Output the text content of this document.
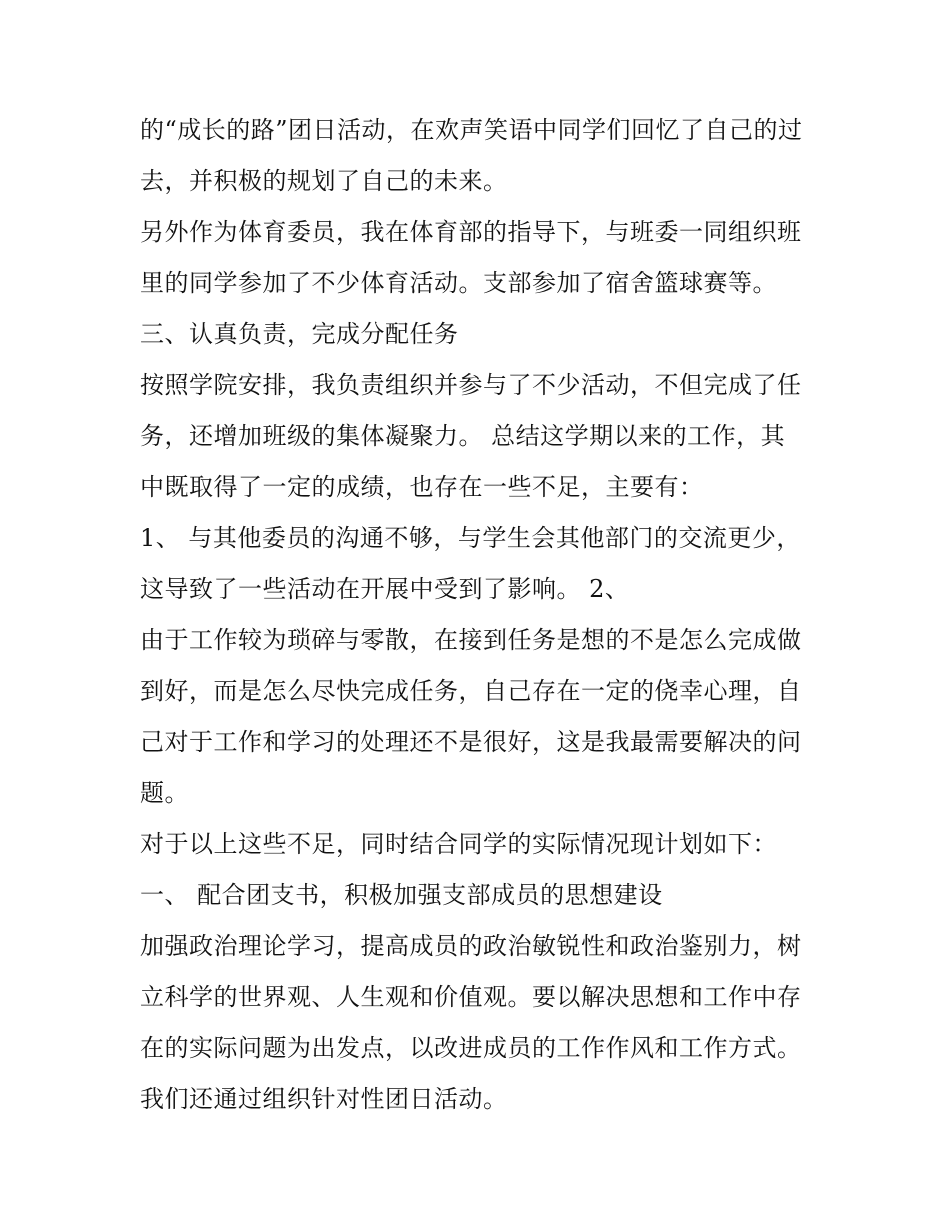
的“成长的路”团日活动，在欢声笑语中同学们回忆了自己的过
去，并积极的规划了自己的未来。
另外作为体育委员，我在体育部的指导下，与班委一同组织班
里的同学参加了不少体育活动。支部参加了宿舍篮球赛等。
三、认真负责，完成分配任务
按照学院安排，我负责组织并参与了不少活动，不但完成了任
务，还增加班级的集体凝聚力。 总结这学期以来的工作，其
中既取得了一定的成绩，也存在一些不足，主要有：
1、 与其他委员的沟通不够，与学生会其他部门的交流更少，
这导致了一些活动在开展中受到了影响。 2、
由于工作较为琐碎与零散，在接到任务是想的不是怎么完成做
到好，而是怎么尽快完成任务，自己存在一定的侥幸心理，自
己对于工作和学习的处理还不是很好，这是我最需要解决的问
题。
对于以上这些不足，同时结合同学的实际情况现计划如下：
一、 配合团支书，积极加强支部成员的思想建设
加强政治理论学习，提高成员的政治敏锐性和政治鉴别力，树
立科学的世界观、人生观和价值观。要以解决思想和工作中存
在的实际问题为出发点，以改进成员的工作作风和工作方式。
我们还通过组织针对性团日活动。
